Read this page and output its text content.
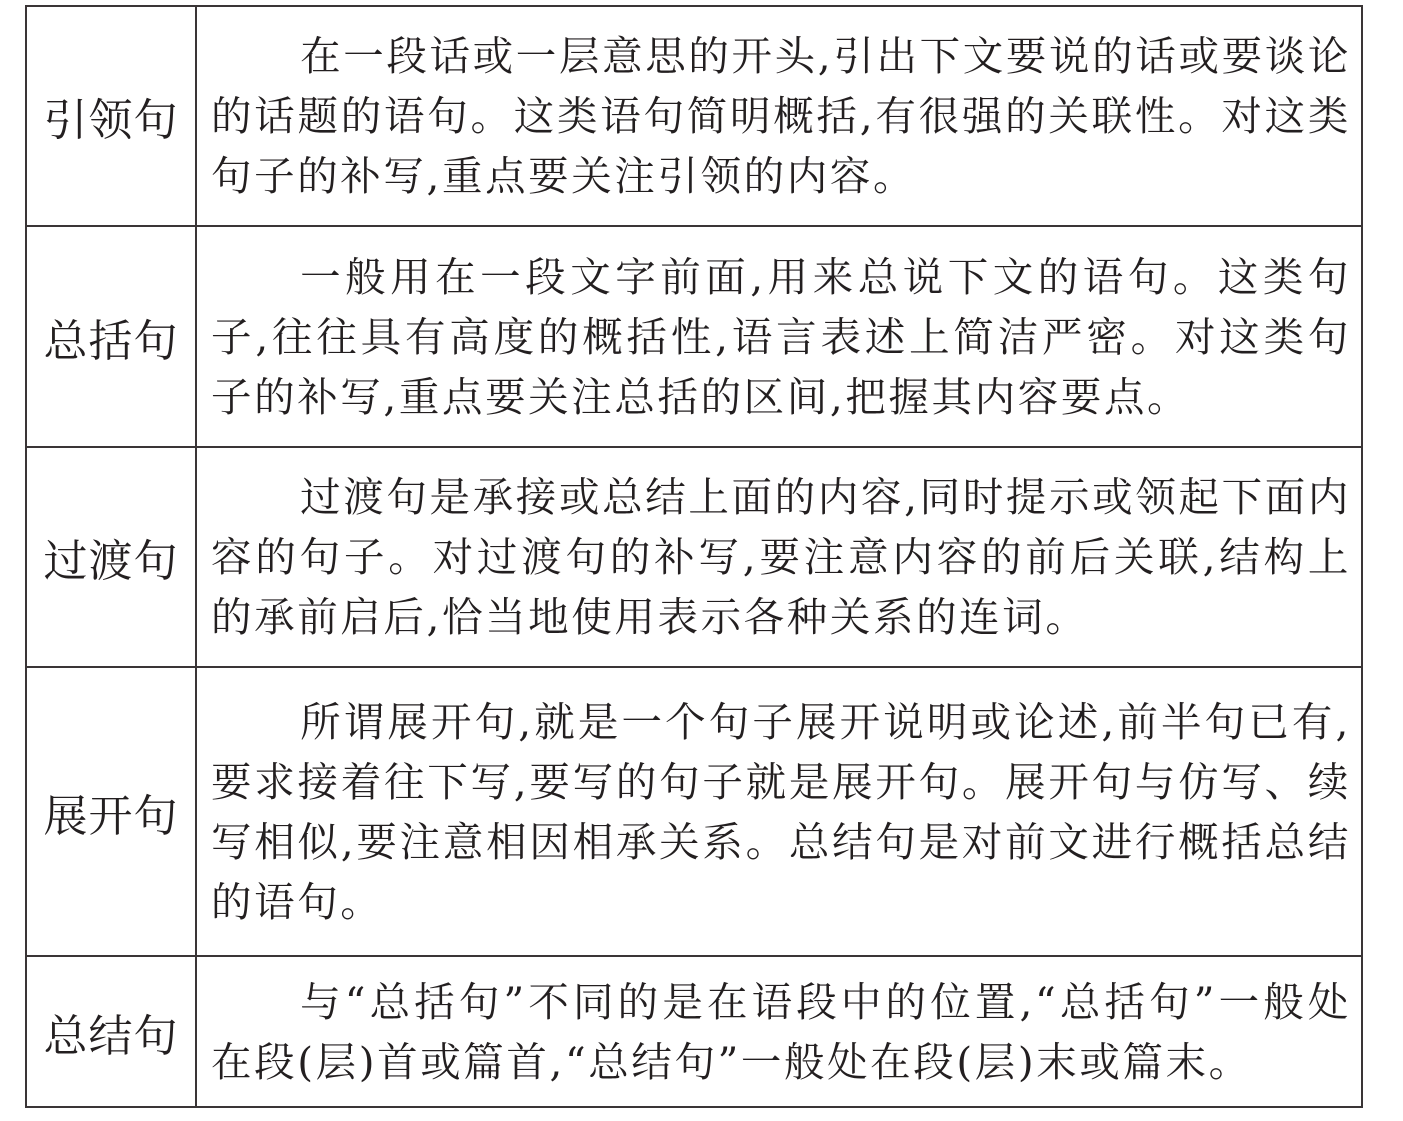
引领句	在一段话或一层意思的开头,引出下文要说的话或要谈论的话题的语句。这类语句简明概括,有很强的关联性。对这类句子的补写,重点要关注引领的内容。

总括句	一般用在一段文字前面,用来总说下文的语句。这类句子,往往具有高度的概括性,语言表述上简洁严密。对这类句子的补写,重点要关注总括的区间,把握其内容要点。

过渡句	过渡句是承接或总结上面的内容,同时提示或领起下面内容的句子。对过渡句的补写,要注意内容的前后关联,结构上的承前启后,恰当地使用表示各种关系的连词。

展开句	所谓展开句,就是一个句子展开说明或论述,前半句已有,要求接着往下写,要写的句子就是展开句。展开句与仿写、续写相似,要注意相因相承关系。总结句是对前文进行概括总结的语句。

总结句	与“总括句”不同的是在语段中的位置,“总括句”一般处在段(层)首或篇首,“总结句”一般处在段(层)末或篇末。
